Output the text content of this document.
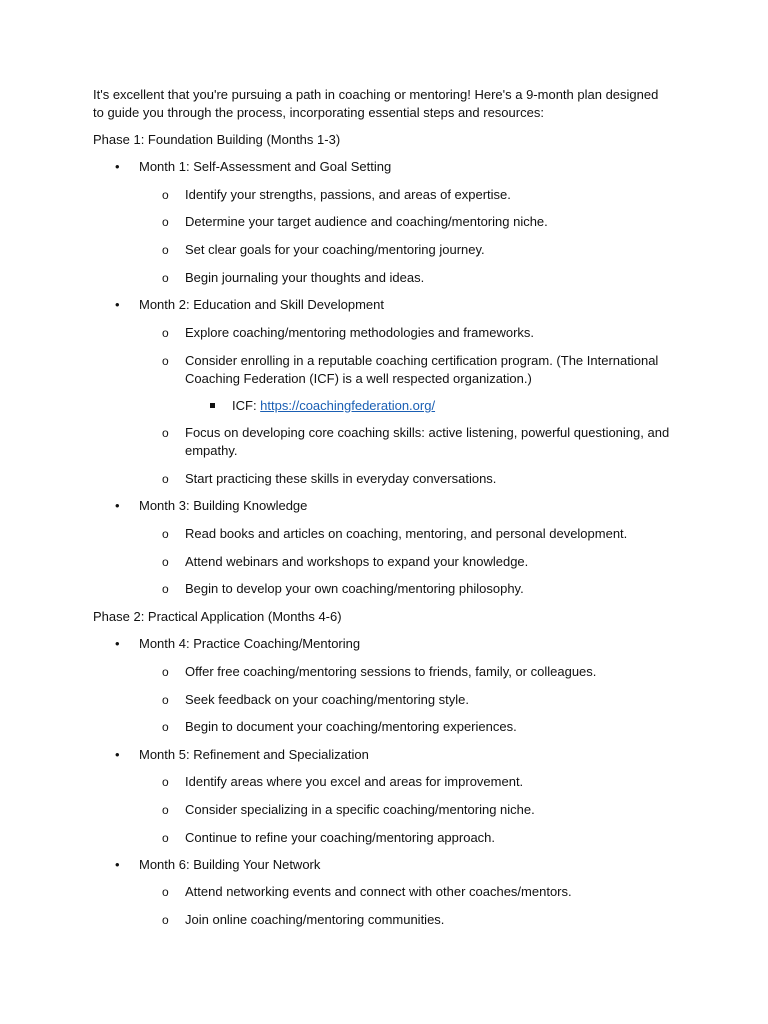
It's excellent that you're pursuing a path in coaching or mentoring! Here's a 9-month plan designed
to guide you through the process, incorporating essential steps and resources:
Phase 1: Foundation Building (Months 1-3)
• Month 1: Self-Assessment and Goal Setting
o Identify your strengths, passions, and areas of expertise.
o Determine your target audience and coaching/mentoring niche.
o Set clear goals for your coaching/mentoring journey.
o Begin journaling your thoughts and ideas.
• Month 2: Education and Skill Development
o Explore coaching/mentoring methodologies and frameworks.
o Consider enrolling in a reputable coaching certification program. (The International
Coaching Federation (ICF) is a well respected organization.)
ICF: https://coachingfederation.org/
o Focus on developing core coaching skills: active listening, powerful questioning, and
empathy.
o Start practicing these skills in everyday conversations.
• Month 3: Building Knowledge
o Read books and articles on coaching, mentoring, and personal development.
o Attend webinars and workshops to expand your knowledge.
o Begin to develop your own coaching/mentoring philosophy.
Phase 2: Practical Application (Months 4-6)
• Month 4: Practice Coaching/Mentoring
o Offer free coaching/mentoring sessions to friends, family, or colleagues.
o Seek feedback on your coaching/mentoring style.
o Begin to document your coaching/mentoring experiences.
• Month 5: Refinement and Specialization
o Identify areas where you excel and areas for improvement.
o Consider specializing in a specific coaching/mentoring niche.
o Continue to refine your coaching/mentoring approach.
• Month 6: Building Your Network
o Attend networking events and connect with other coaches/mentors.
o Join online coaching/mentoring communities.
